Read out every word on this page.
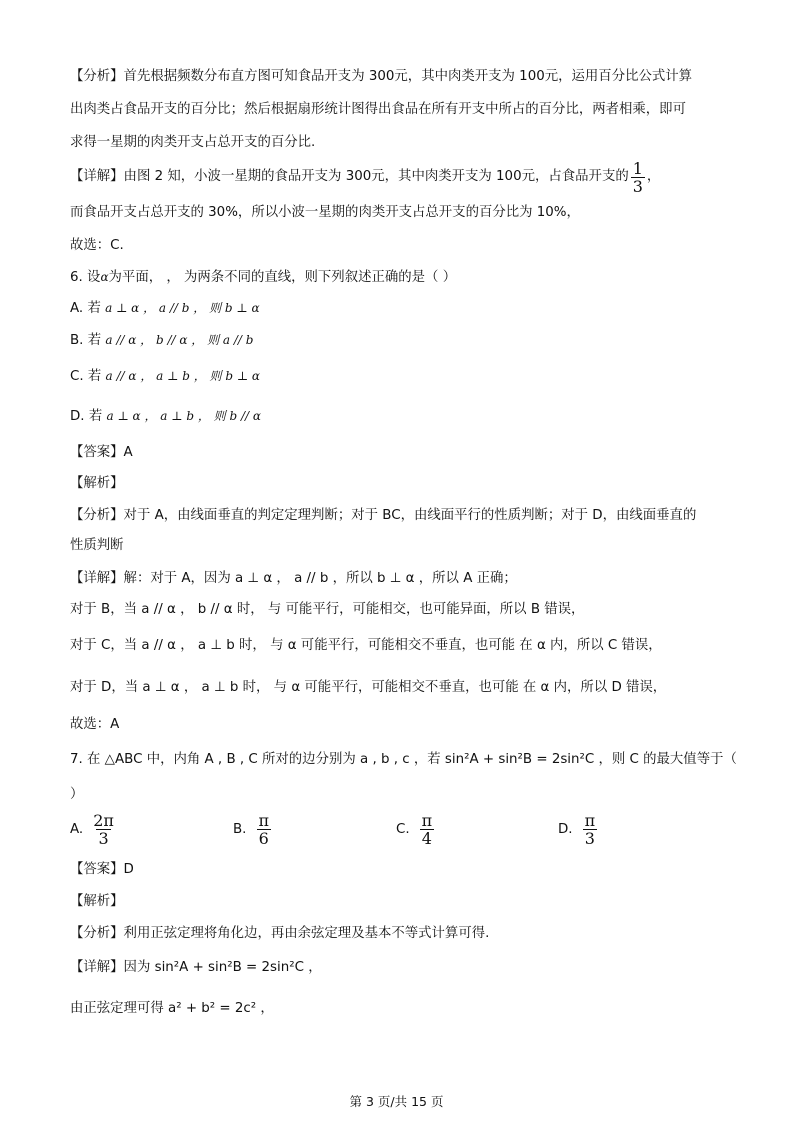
【分析】首先根据频数分布直方图可知食品开支为 300元，其中肉类开支为 100元，运用百分比公式计算
出肉类占食品开支的百分比；然后根据扇形统计图得出食品在所有开支中所占的百分比，两者相乘，即可
求得一星期的肉类开支占总开支的百分比.
【详解】由图 2 知，小波一星期的食品开支为 300元，其中肉类开支为 100元，占食品开支的 $\frac{1}{3}$ ，
而食品开支占总开支的 30%，所以小波一星期的肉类开支占总开支的百分比为 10%，
故选：C.
6. 设α为平面， ， 为两条不同的直线，则下列叙述正确的是（ ）
A. 若 a ⊥ α ， a // b ， 则 b ⊥ α
B. 若 a // α ， b // α ， 则 a // b
C. 若 a // α ， a ⊥ b ， 则 b ⊥ α
D. 若 a ⊥ α ， a ⊥ b ， 则 b // α
【答案】A
【解析】
【分析】对于 A，由线面垂直的判定定理判断；对于 BC，由线面平行的性质判断；对于 D，由线面垂直的
性质判断
【详解】解：对于 A，因为 a ⊥ α ， a // b ，所以 b ⊥ α ，所以 A 正确；
对于 B，当 a // α ， b // α 时， 与 可能平行，可能相交，也可能异面，所以 B 错误，
对于 C，当 a // α ， a ⊥ b 时， 与 α 可能平行，可能相交不垂直，也可能 在 α 内，所以 C 错误，
对于 D，当 a ⊥ α ， a ⊥ b 时， 与 α 可能平行，可能相交不垂直，也可能 在 α 内，所以 D 错误，
故选：A
7. 在 △ABC 中，内角 A , B , C 所对的边分别为 a , b , c ，若 sin²A + sin²B = 2sin²C ，则 C 的最大值等于（
）
A. $\frac{2\pi}{3}$	B. $\frac{\pi}{6}$	C. $\frac{\pi}{4}$	D. $\frac{\pi}{3}$
【答案】D
【解析】
【分析】利用正弦定理将角化边，再由余弦定理及基本不等式计算可得.
【详解】因为 sin²A + sin²B = 2sin²C ，
由正弦定理可得 a² + b² = 2c² ，
第 3 页/共 15 页
